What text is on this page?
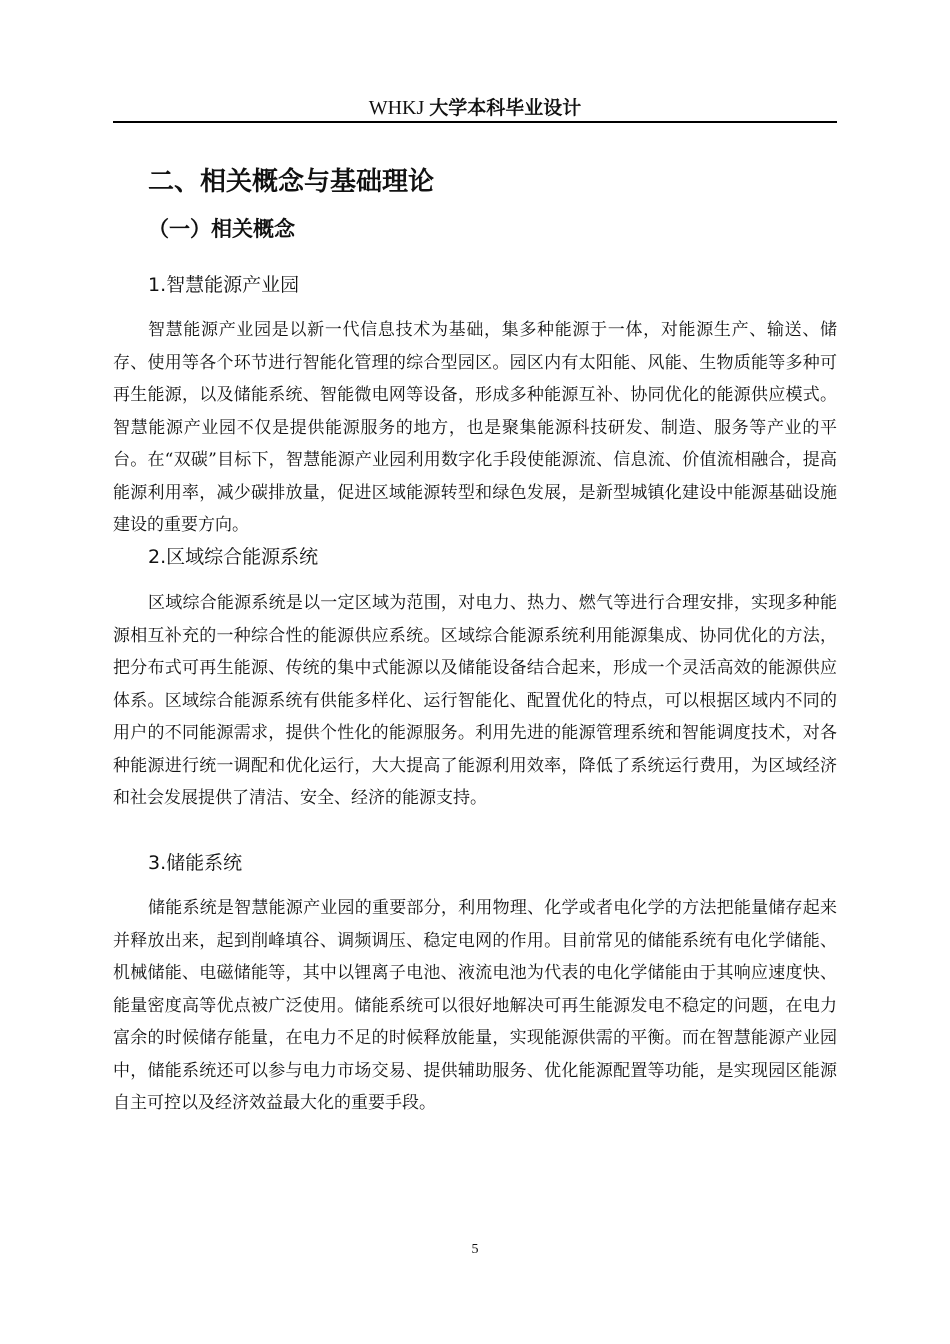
WHKJ 大学本科毕业设计
二、相关概念与基础理论
（一）相关概念
1.智慧能源产业园

智慧能源产业园是以新一代信息技术为基础，集多种能源于一体，对能源生产、输送、储存、使用等各个环节进行智能化管理的综合型园区。园区内有太阳能、风能、生物质能等多种可再生能源，以及储能系统、智能微电网等设备，形成多种能源互补、协同优化的能源供应模式。智慧能源产业园不仅是提供能源服务的地方，也是聚集能源科技研发、制造、服务等产业的平台。在“双碳”目标下，智慧能源产业园利用数字化手段使能源流、信息流、价值流相融合，提高能源利用率，减少碳排放量，促进区域能源转型和绿色发展，是新型城镇化建设中能源基础设施建设的重要方向。

2.区域综合能源系统

区域综合能源系统是以一定区域为范围，对电力、热力、燃气等进行合理安排，实现多种能源相互补充的一种综合性的能源供应系统。区域综合能源系统利用能源集成、协同优化的方法，把分布式可再生能源、传统的集中式能源以及储能设备结合起来，形成一个灵活高效的能源供应体系。区域综合能源系统有供能多样化、运行智能化、配置优化的特点，可以根据区域内不同的用户的不同能源需求，提供个性化的能源服务。利用先进的能源管理系统和智能调度技术，对各种能源进行统一调配和优化运行，大大提高了能源利用效率，降低了系统运行费用，为区域经济和社会发展提供了清洁、安全、经济的能源支持。

3.储能系统

储能系统是智慧能源产业园的重要部分，利用物理、化学或者电化学的方法把能量储存起来并释放出来，起到削峰填谷、调频调压、稳定电网的作用。目前常见的储能系统有电化学储能、机械储能、电磁储能等，其中以锂离子电池、液流电池为代表的电化学储能由于其响应速度快、能量密度高等优点被广泛使用。储能系统可以很好地解决可再生能源发电不稳定的问题，在电力富余的时候储存能量，在电力不足的时候释放能量，实现能源供需的平衡。而在智慧能源产业园中，储能系统还可以参与电力市场交易、提供辅助服务、优化能源配置等功能，是实现园区能源自主可控以及经济效益最大化的重要手段。

5
